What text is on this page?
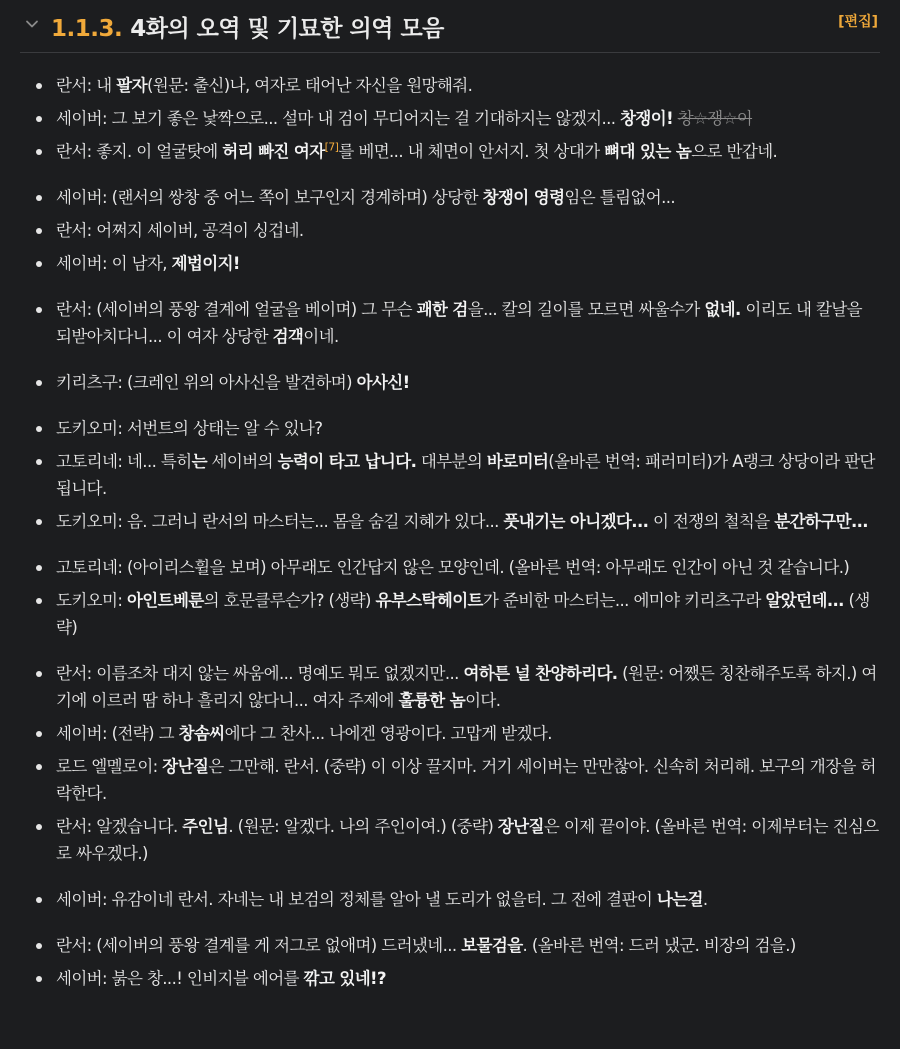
1.1.3. 4화의 오역 및 기묘한 의역 모음	[편집]
란서: 내 팔자(원문: 출신)나, 여자로 태어난 자신을 원망해줘.
세이버: 그 보기 좋은 낯짝으로... 설마 내 검이 무디어지는 걸 기대하지는 않겠지... 창쟁이! 창☆쟁☆이
란서: 좋지. 이 얼굴탓에 허리 빠진 여자[7]를 베면... 내 체면이 안서지. 첫 상대가 뼈대 있는 놈으로 반갑네.
세이버: (랜서의 쌍창 중 어느 쪽이 보구인지 경계하며) 상당한 창쟁이 영령임은 틀림없어...
란서: 어쩌지 세이버, 공격이 싱겁네.
세이버: 이 남자, 제법이지!
란서: (세이버의 풍왕 결계에 얼굴을 베이며) 그 무슨 괘한 검을... 칼의 길이를 모르면 싸울수가 없네. 이리도 내 칼날을 되받아치다니... 이 여자 상당한 검객이네.
키리츠구: (크레인 위의 아사신을 발견하며) 아사신!
도키오미: 서번트의 상태는 알 수 있나?
고토리네: 네... 특히는 세이버의 능력이 타고 납니다. 대부분의 바로미터(올바른 번역: 패러미터)가 A랭크 상당이라 판단됩니다.
도키오미: 음. 그러니 란서의 마스터는... 몸을 숨길 지혜가 있다... 풋내기는 아니겠다... 이 전쟁의 철칙을 분간하구만...
고토리네: (아이리스휠을 보며) 아무래도 인간답지 않은 모양인데. (올바른 번역: 아무래도 인간이 아닌 것 같습니다.)
도키오미: 아인트베룬의 호문클루슨가? (생략) 유부스탁헤이트가 준비한 마스터는... 에미야 키리츠구라 알았던데... (생략)
란서: 이름조차 대지 않는 싸움에... 명예도 뭐도 없겠지만... 여하튼 널 찬양하리다. (원문: 어쨌든 칭찬해주도록 하지.) 여기에 이르러 땀 하나 흘리지 않다니... 여자 주제에 훌륭한 놈이다.
세이버: (전략) 그 창솜씨에다 그 찬사... 나에겐 영광이다. 고맙게 받겠다.
로드 엘멜로이: 장난질은 그만해. 란서. (중략) 이 이상 끌지마. 거기 세이버는 만만찮아. 신속히 처리해. 보구의 개장을 허락한다.
란서: 알겠습니다. 주인님. (원문: 알겠다. 나의 주인이여.) (중략) 장난질은 이제 끝이야. (올바른 번역: 이제부터는 진심으로 싸우겠다.)
세이버: 유감이네 란서. 자네는 내 보검의 정체를 알아 낼 도리가 없을터. 그 전에 결판이 나는걸.
란서: (세이버의 풍왕 결계를 게 저그로 없애며) 드러냈네... 보물검을. (올바른 번역: 드러 냈군. 비장의 검을.)
세이버: 붉은 창...! 인비지블 에어를 깎고 있네!?
